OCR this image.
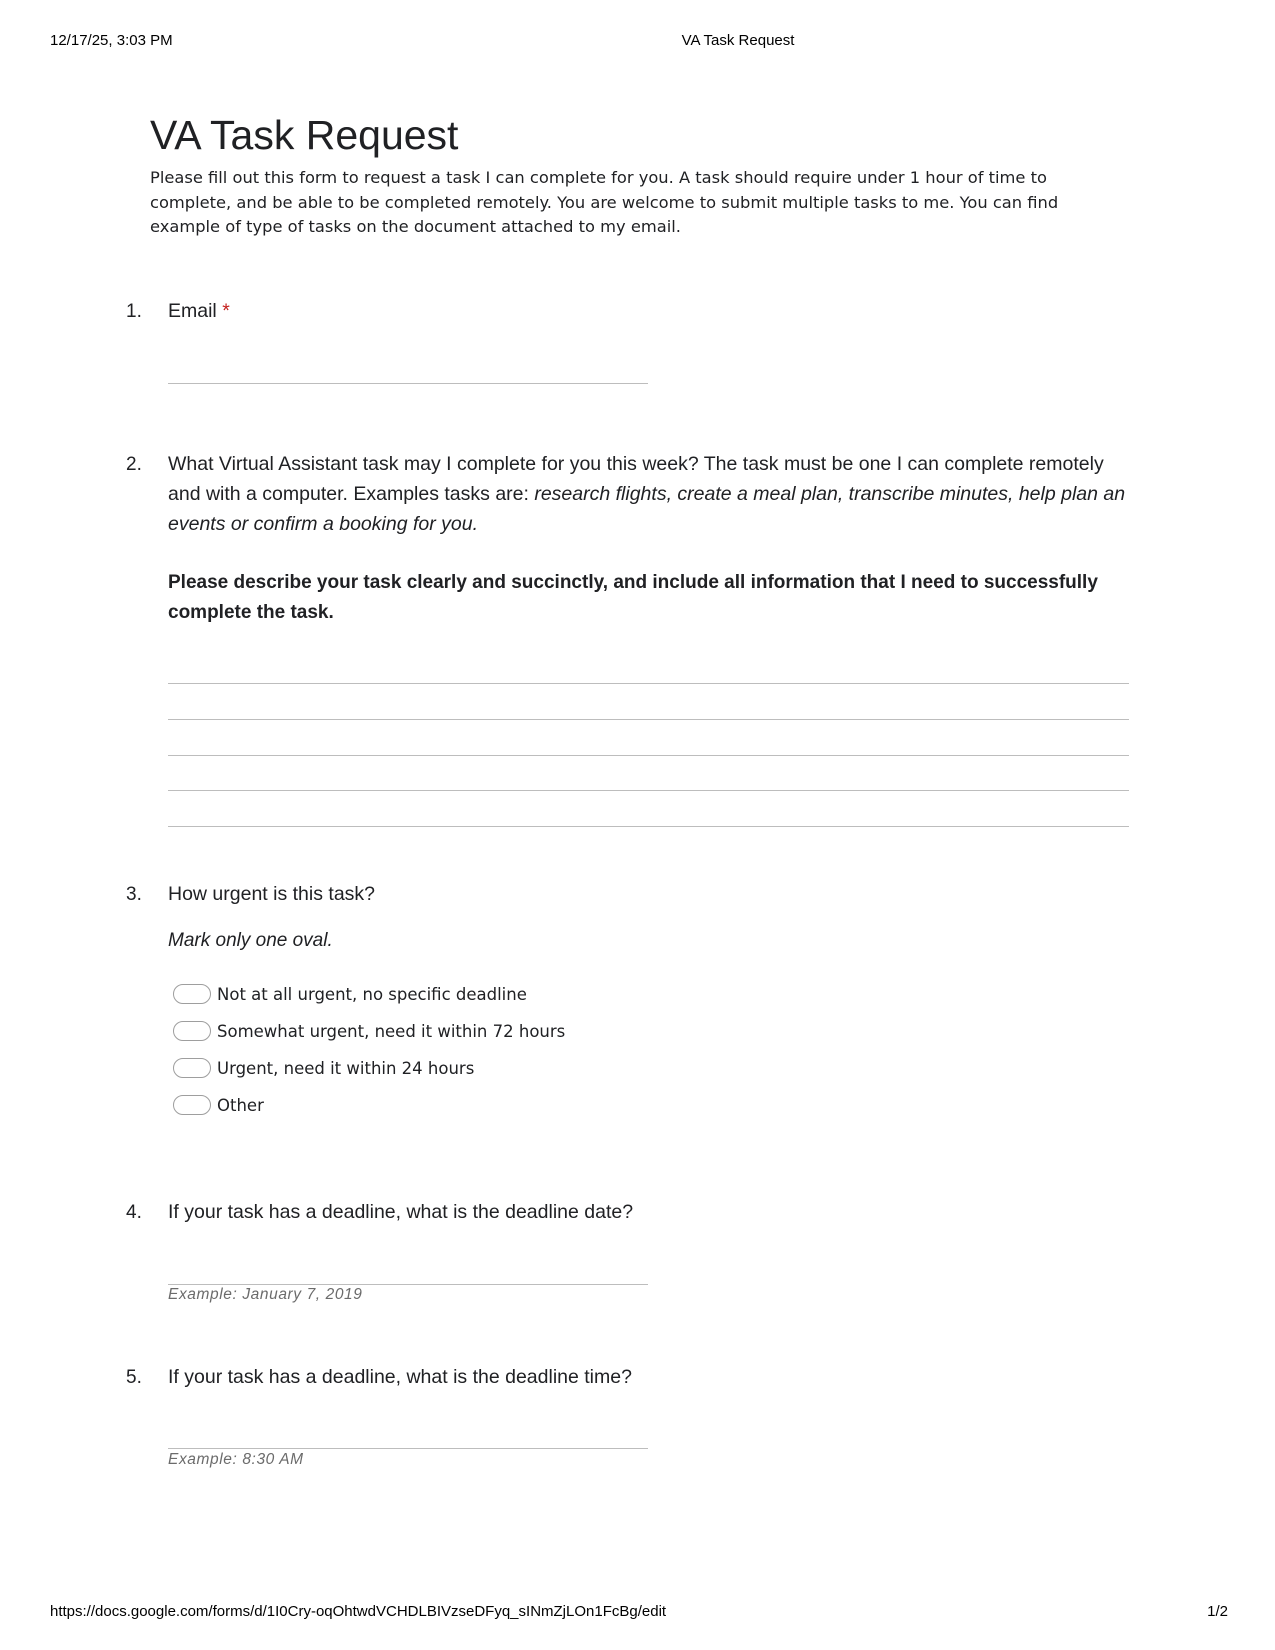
12/17/25, 3:03 PM	VA Task Request
VA Task Request
Please fill out this form to request a task I can complete for you. A task should require under 1 hour of time to complete, and be able to be completed remotely. You are welcome to submit multiple tasks to me. You can find example of type of tasks on the document attached to my email.
1. Email *
2. What Virtual Assistant task may I complete for you this week? The task must be one I can complete remotely and with a computer. Examples tasks are: research flights, create a meal plan, transcribe minutes, help plan an events or confirm a booking for you.
Please describe your task clearly and succinctly, and include all information that I need to successfully complete the task.
3. How urgent is this task?
Mark only one oval.
Not at all urgent, no specific deadline
Somewhat urgent, need it within 72 hours
Urgent, need it within 24 hours
Other
4. If your task has a deadline, what is the deadline date?
Example: January 7, 2019
5. If your task has a deadline, what is the deadline time?
Example: 8:30 AM
https://docs.google.com/forms/d/1I0Cry-oqOhtwdVCHDLBIVzseDFyq_sINmZjLOn1FcBg/edit	1/2
